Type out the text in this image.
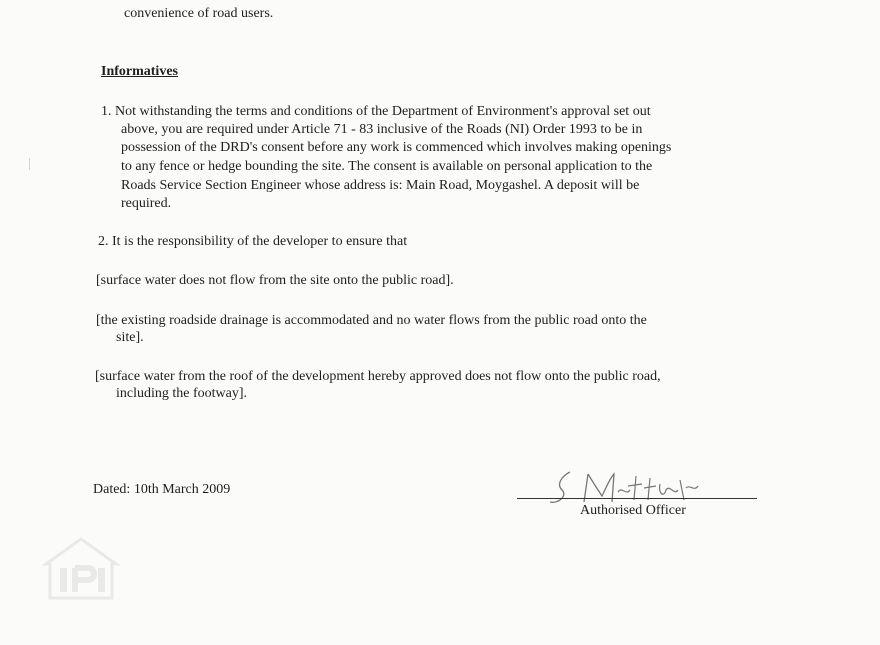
convenience of road users.
Informatives
1. Not withstanding the terms and conditions of the Department of Environment's approval set out
above, you are required under Article 71 - 83 inclusive of the Roads (NI) Order 1993 to be in
possession of the DRD's consent before any work is commenced which involves making openings
to any fence or hedge bounding the site. The consent is available on personal application to the
Roads Service Section Engineer whose address is: Main Road, Moygashel. A deposit will be
required.
2. It is the responsibility of the developer to ensure that
[surface water does not flow from the site onto the public road].
[the existing roadside drainage is accommodated and no water flows from the public road onto the
site].
[surface water from the roof of the development hereby approved does not flow onto the public road,
including the footway].
Dated: 10th March 2009
Authorised Officer
